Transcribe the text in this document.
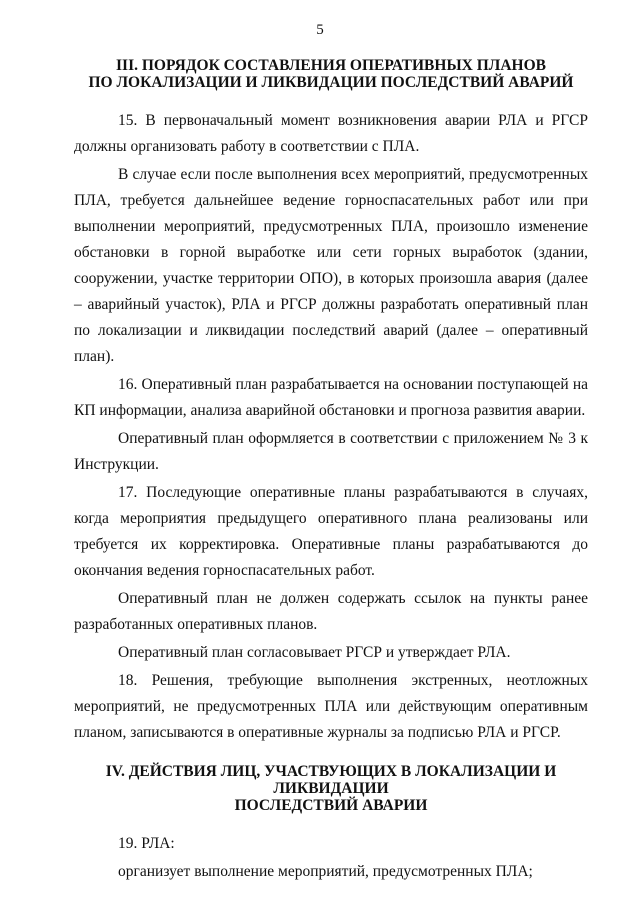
5
III. ПОРЯДОК СОСТАВЛЕНИЯ ОПЕРАТИВНЫХ ПЛАНОВ
ПО ЛОКАЛИЗАЦИИ И ЛИКВИДАЦИИ ПОСЛЕДСТВИЙ АВАРИЙ

15. В первоначальный момент возникновения аварии РЛА и РГСР должны организовать работу в соответствии с ПЛА.

В случае если после выполнения всех мероприятий, предусмотренных ПЛА, требуется дальнейшее ведение горноспасательных работ или при выполнении мероприятий, предусмотренных ПЛА, произошло изменение обстановки в горной выработке или сети горных выработок (здании, сооружении, участке территории ОПО), в которых произошла авария (далее – аварийный участок), РЛА и РГСР должны разработать оперативный план по локализации и ликвидации последствий аварий (далее – оперативный план).

16. Оперативный план разрабатывается на основании поступающей на КП информации, анализа аварийной обстановки и прогноза развития аварии.

Оперативный план оформляется в соответствии с приложением № 3 к Инструкции.

17. Последующие оперативные планы разрабатываются в случаях, когда мероприятия предыдущего оперативного плана реализованы или требуется их корректировка. Оперативные планы разрабатываются до окончания ведения горноспасательных работ.

Оперативный план не должен содержать ссылок на пункты ранее разработанных оперативных планов.

Оперативный план согласовывает РГСР и утверждает РЛА.

18. Решения, требующие выполнения экстренных, неотложных мероприятий, не предусмотренных ПЛА или действующим оперативным планом, записываются в оперативные журналы за подписью РЛА и РГСР.

IV. ДЕЙСТВИЯ ЛИЦ, УЧАСТВУЮЩИХ В ЛОКАЛИЗАЦИИ И ЛИКВИДАЦИИ
ПОСЛЕДСТВИЙ АВАРИИ

19. РЛА:

организует выполнение мероприятий, предусмотренных ПЛА;
